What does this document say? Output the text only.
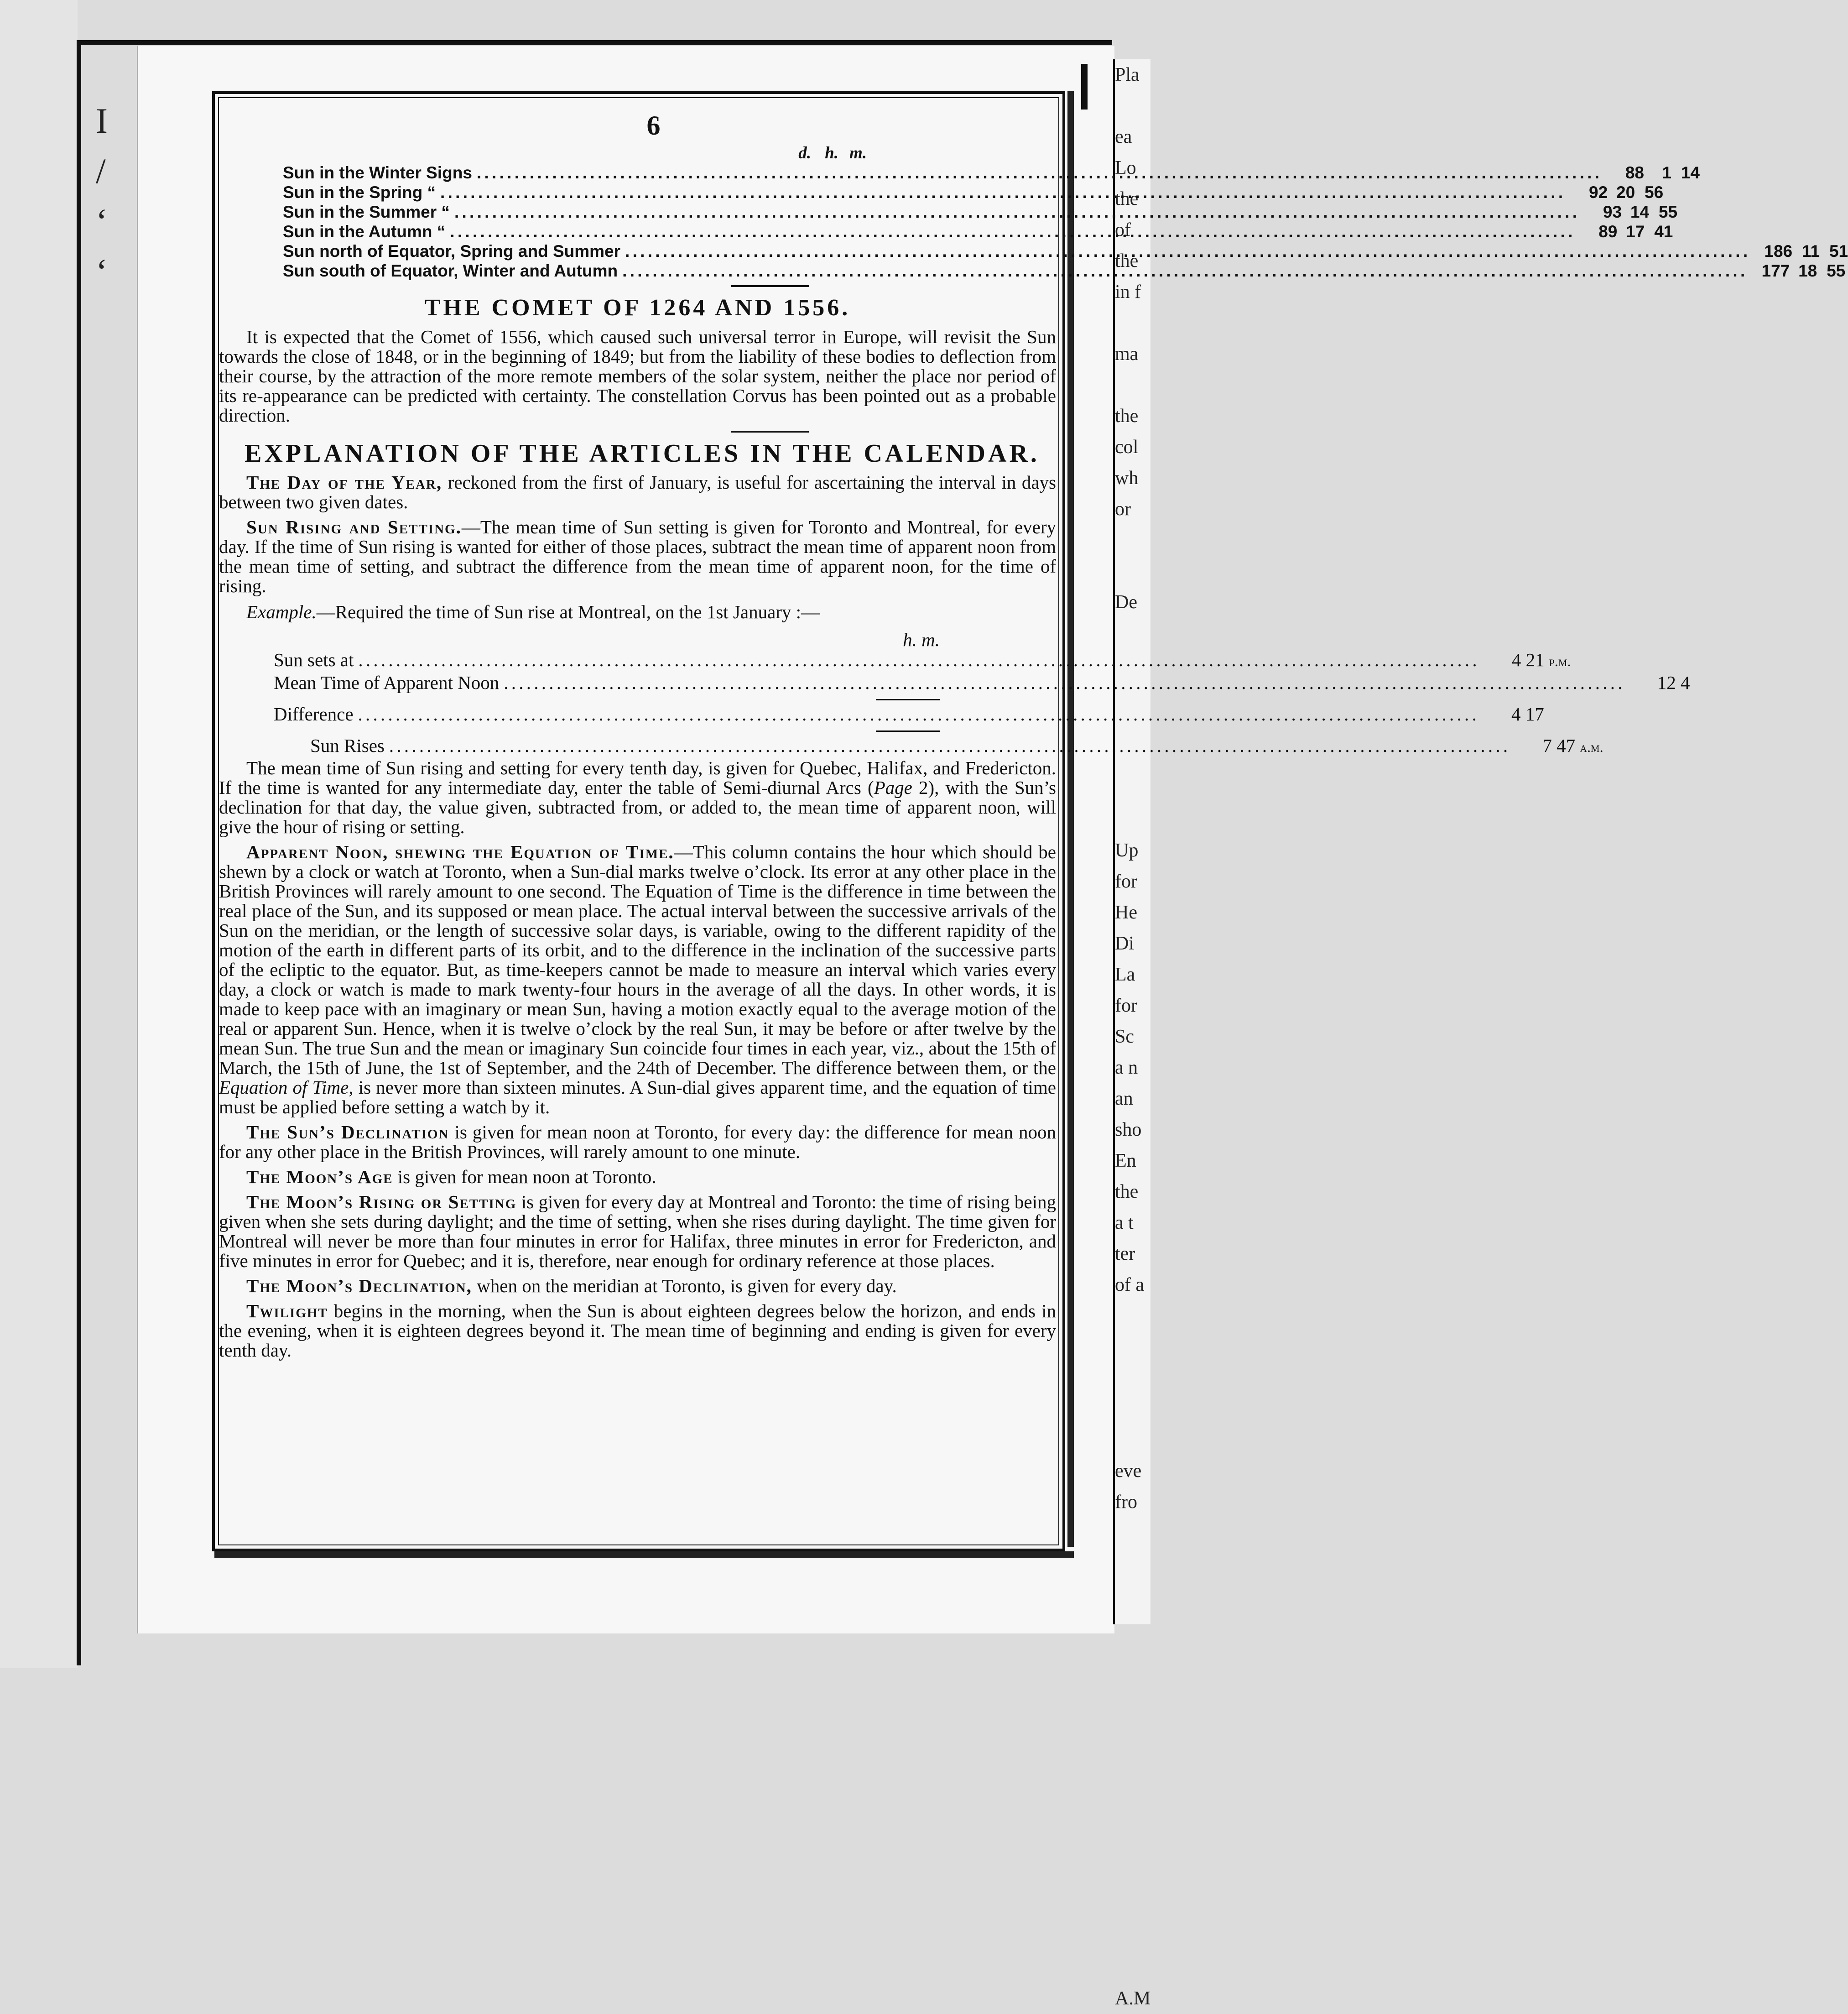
I
/
‘
‘
Pla

ea
Lo
the
of
the
in f

ma

the
col
wh
or

De

Up
for
He
Di
La
for
Sc
a n
an
sho
En
the
a t
ter
of a

eve
fro

A.M
6
d. h. m.
Sun in the Winter Signs . . .	88	1 14
Sun in the Spring “ . . .	92 20 56
Sun in the Summer “ . . .	93 14 55
Sun in the Autumn “ . . .	89 17 41
Sun north of Equator, Spring and Summer . . .	186 11 51
Sun south of Equator, Winter and Autumn . . .	177 18 55
THE COMET OF 1264 AND 1556.

It is expected that the Comet of 1556, which caused such universal terror in Europe, will revisit the Sun towards the close of 1848, or in the beginning of 1849; but from the liability of these bodies to deflection from their course, by the attraction of the more remote members of the solar system, neither the place nor period of its re-appearance can be predicted with certainty. The constellation Corvus has been pointed out as a probable direction.

EXPLANATION OF THE ARTICLES IN THE CALENDAR.

The Day of the Year, reckoned from the first of January, is useful for ascertaining the interval in days between two given dates.

Sun Rising and Setting.—The mean time of Sun setting is given for Toronto and Montreal, for every day. If the time of Sun rising is wanted for either of those places, subtract the mean time of apparent noon from the mean time of setting, and subtract the difference from the mean time of apparent noon, for the time of rising.

Example.—Required the time of Sun rise at Montreal, on the 1st January :—
h. m.
Sun sets at . . .	4 21 p.m.
Mean Time of Apparent Noon . . .	12 4
Difference . . .	4 17
Sun Rises . . .	7 47 a.m.

The mean time of Sun rising and setting for every tenth day, is given for Quebec, Halifax, and Fredericton. If the time is wanted for any intermediate day, enter the table of Semi-diurnal Arcs (Page 2), with the Sun’s declination for that day, the value given, subtracted from, or added to, the mean time of apparent noon, will give the hour of rising or setting.

Apparent Noon, shewing the Equation of Time.—This column contains the hour which should be shewn by a clock or watch at Toronto, when a Sun-dial marks twelve o’clock. Its error at any other place in the British Provinces will rarely amount to one second. The Equation of Time is the difference in time between the real place of the Sun, and its supposed or mean place. The actual interval between the successive arrivals of the Sun on the meridian, or the length of successive solar days, is variable, owing to the different rapidity of the motion of the earth in different parts of its orbit, and to the difference in the inclination of the successive parts of the ecliptic to the equator. But, as time-keepers cannot be made to measure an interval which varies every day, a clock or watch is made to mark twenty-four hours in the average of all the days. In other words, it is made to keep pace with an imaginary or mean Sun, having a motion exactly equal to the average motion of the real or apparent Sun. Hence, when it is twelve o’clock by the real Sun, it may be before or after twelve by the mean Sun. The true Sun and the mean or imaginary Sun coincide four times in each year, viz., about the 15th of March, the 15th of June, the 1st of September, and the 24th of December. The difference between them, or the Equation of Time, is never more than sixteen minutes. A Sun-dial gives apparent time, and the equation of time must be applied before setting a watch by it.

The Sun’s Declination is given for mean noon at Toronto, for every day: the difference for mean noon for any other place in the British Provinces, will rarely amount to one minute.

The Moon’s Age is given for mean noon at Toronto.

The Moon’s Rising or Setting is given for every day at Montreal and Toronto: the time of rising being given when she sets during daylight; and the time of setting, when she rises during daylight. The time given for Montreal will never be more than four minutes in error for Halifax, three minutes in error for Fredericton, and five minutes in error for Quebec; and it is, therefore, near enough for ordinary reference at those places.

The Moon’s Declination, when on the meridian at Toronto, is given for every day.

Twilight begins in the morning, when the Sun is about eighteen degrees below the horizon, and ends in the evening, when it is eighteen degrees beyond it. The mean time of beginning and ending is given for every tenth day.
